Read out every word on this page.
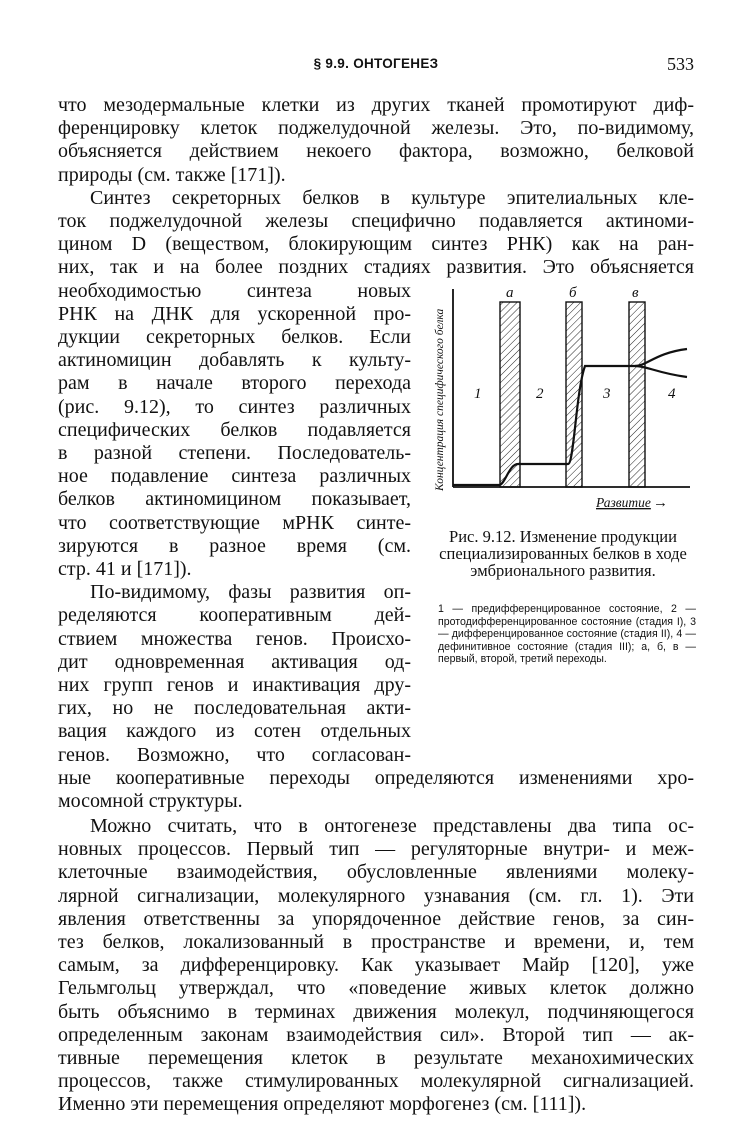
§ 9.9. ОНТОГЕНЕЗ	533

что мезодермальные клетки из других тканей промотируют диф-

ференцировку клеток поджелудочной железы. Это, по-видимому,

объясняется действием некоего фактора, возможно, белковой

природы (см. также [171]).

Синтез секреторных белков в культуре эпителиальных кле-

ток поджелудочной железы специфично подавляется актиноми-

цином D (веществом, блокирующим синтез РНК) как на ран-

них, так и на более поздних стадиях развития. Это объясняется

необходимостью синтеза новых

РНК на ДНК для ускоренной про-

дукции секреторных белков. Если

актиномицин добавлять к культу-

рам в начале второго перехода

(рис. 9.12), то синтез различных

специфических белков подавляется

в разной степени. Последователь-

ное подавление синтеза различных

белков актиномицином показывает,

что соответствующие мРНК синте-

зируются в разное время (см.

стр. 41 и [171]).

По-видимому, фазы развития оп-

ределяются кооперативным дей-

ствием множества генов. Происхо-

дит одновременная активация од-

них групп генов и инактивация дру-

гих, но не последовательная акти-

вация каждого из сотен отдельных

генов. Возможно, что согласован-

ные кооперативные переходы определяются изменениями хро-

мосомной структуры.

Можно считать, что в онтогенезе представлены два типа ос-

новных процессов. Первый тип — регуляторные внутри- и меж-

клеточные взаимодействия, обусловленные явлениями молеку-

лярной сигнализации, молекулярного узнавания (см. гл. 1). Эти

явления ответственны за упорядоченное действие генов, за син-

тез белков, локализованный в пространстве и времени, и, тем

самым, за дифференцировку. Как указывает Майр [120], уже

Гельмгольц утверждал, что «поведение живых клеток должно

быть объяснимо в терминах движения молекул, подчиняющегося

определенным законам взаимодействия сил». Второй тип — ак-

тивные перемещения клеток в результате механохимических

процессов, также стимулированных молекулярной сигнализацией.

Именно эти перемещения определяют морфогенез (см. [111]).

Концентрация специфического белка
а	б	в
1	2	3	4
Развитие →

Рис. 9.12. Изменение продукции специализированных белков в ходе эмбрионального развития.

1 — предифференцированное состояние, 2 — протодифференцированное состояние (стадия I), 3 — дифференцированное состояние (стадия II), 4 — дефинитивное состояние (стадия III); а, б, в — первый, второй, третий переходы.
